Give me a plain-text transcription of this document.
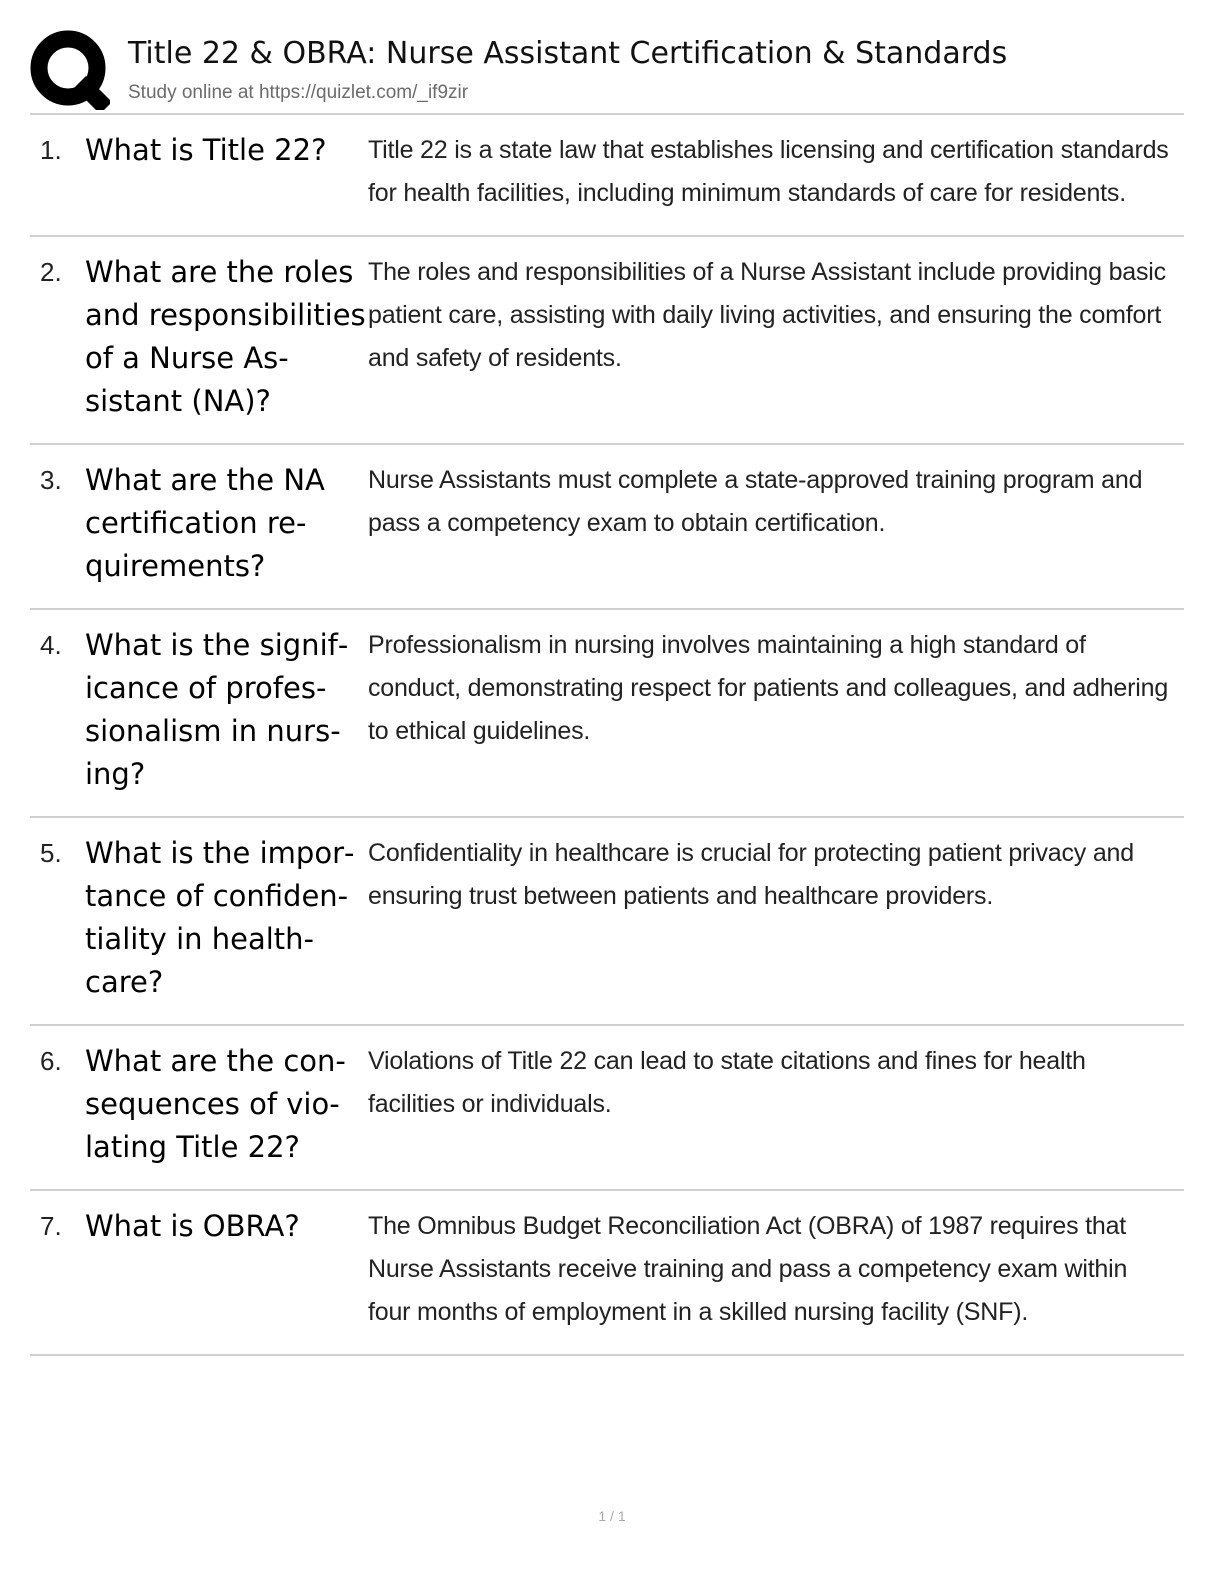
Title 22 & OBRA: Nurse Assistant Certification & Standards
Study online at https://quizlet.com/_if9zir
1. What is Title 22?	Title 22 is a state law that establishes licensing and certification standards for health facilities, including minimum standards of care for residents.
2. What are the roles and responsibilities of a Nurse Assistant (NA)?
The roles and responsibilities of a Nurse Assistant include providing basic patient care, assisting with daily living activities, and ensuring the comfort and safety of residents.
3. What are the NA certification requirements?
Nurse Assistants must complete a state-approved training program and pass a competency exam to obtain certification.
4. What is the significance of professionalism in nursing?
Professionalism in nursing involves maintaining a high standard of conduct, demonstrating respect for patients and colleagues, and adhering to ethical guidelines.
5. What is the importance of confidentiality in healthcare?
Confidentiality in healthcare is crucial for protecting patient privacy and ensuring trust between patients and healthcare providers.
6. What are the consequences of violating Title 22?
Violations of Title 22 can lead to state citations and fines for health facilities or individuals.
7. What is OBRA?	The Omnibus Budget Reconciliation Act (OBRA) of 1987 requires that Nurse Assistants receive training and pass a competency exam within four months of employment in a skilled nursing facility (SNF).
1 / 1
